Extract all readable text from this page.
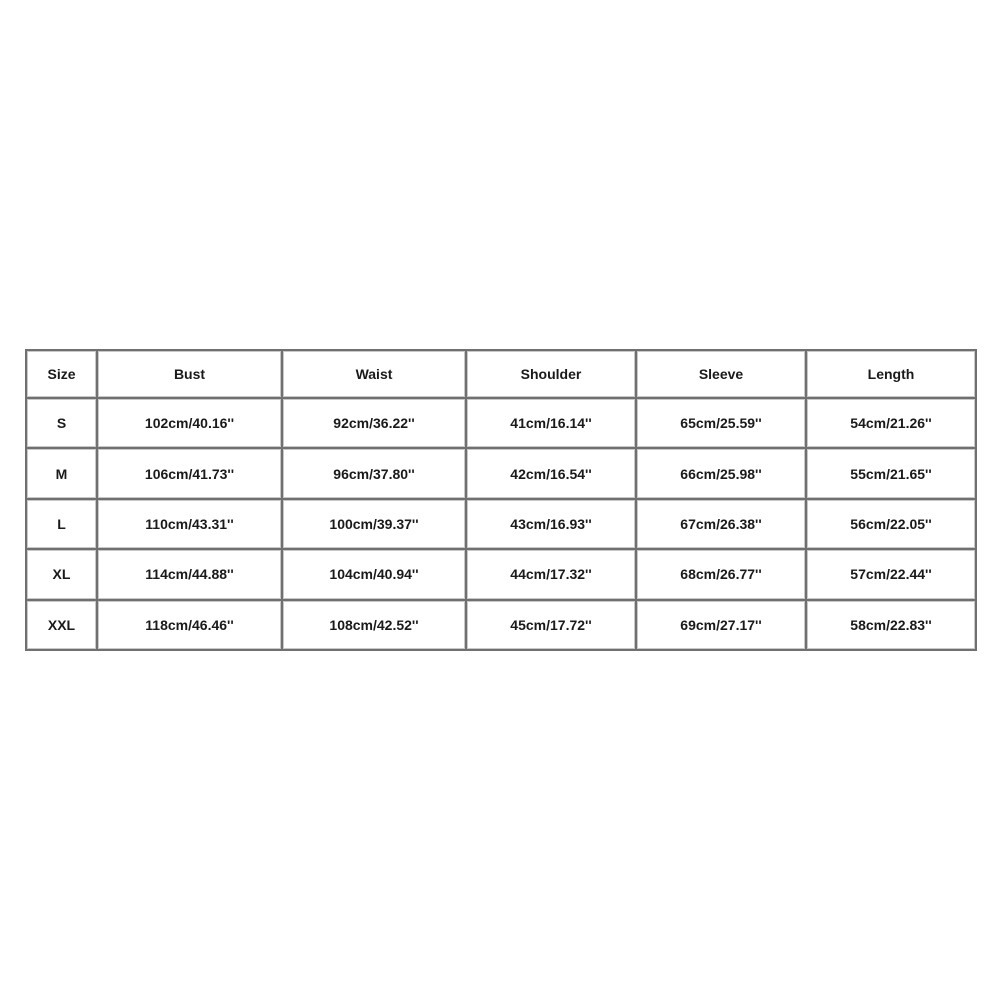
Size	Bust	Waist	Shoulder	Sleeve	Length
S	102cm/40.16''	92cm/36.22''	41cm/16.14''	65cm/25.59''	54cm/21.26''
M	106cm/41.73''	96cm/37.80''	42cm/16.54''	66cm/25.98''	55cm/21.65''
L	110cm/43.31''	100cm/39.37''	43cm/16.93''	67cm/26.38''	56cm/22.05''
XL	114cm/44.88''	104cm/40.94''	44cm/17.32''	68cm/26.77''	57cm/22.44''
XXL	118cm/46.46''	108cm/42.52''	45cm/17.72''	69cm/27.17''	58cm/22.83''
